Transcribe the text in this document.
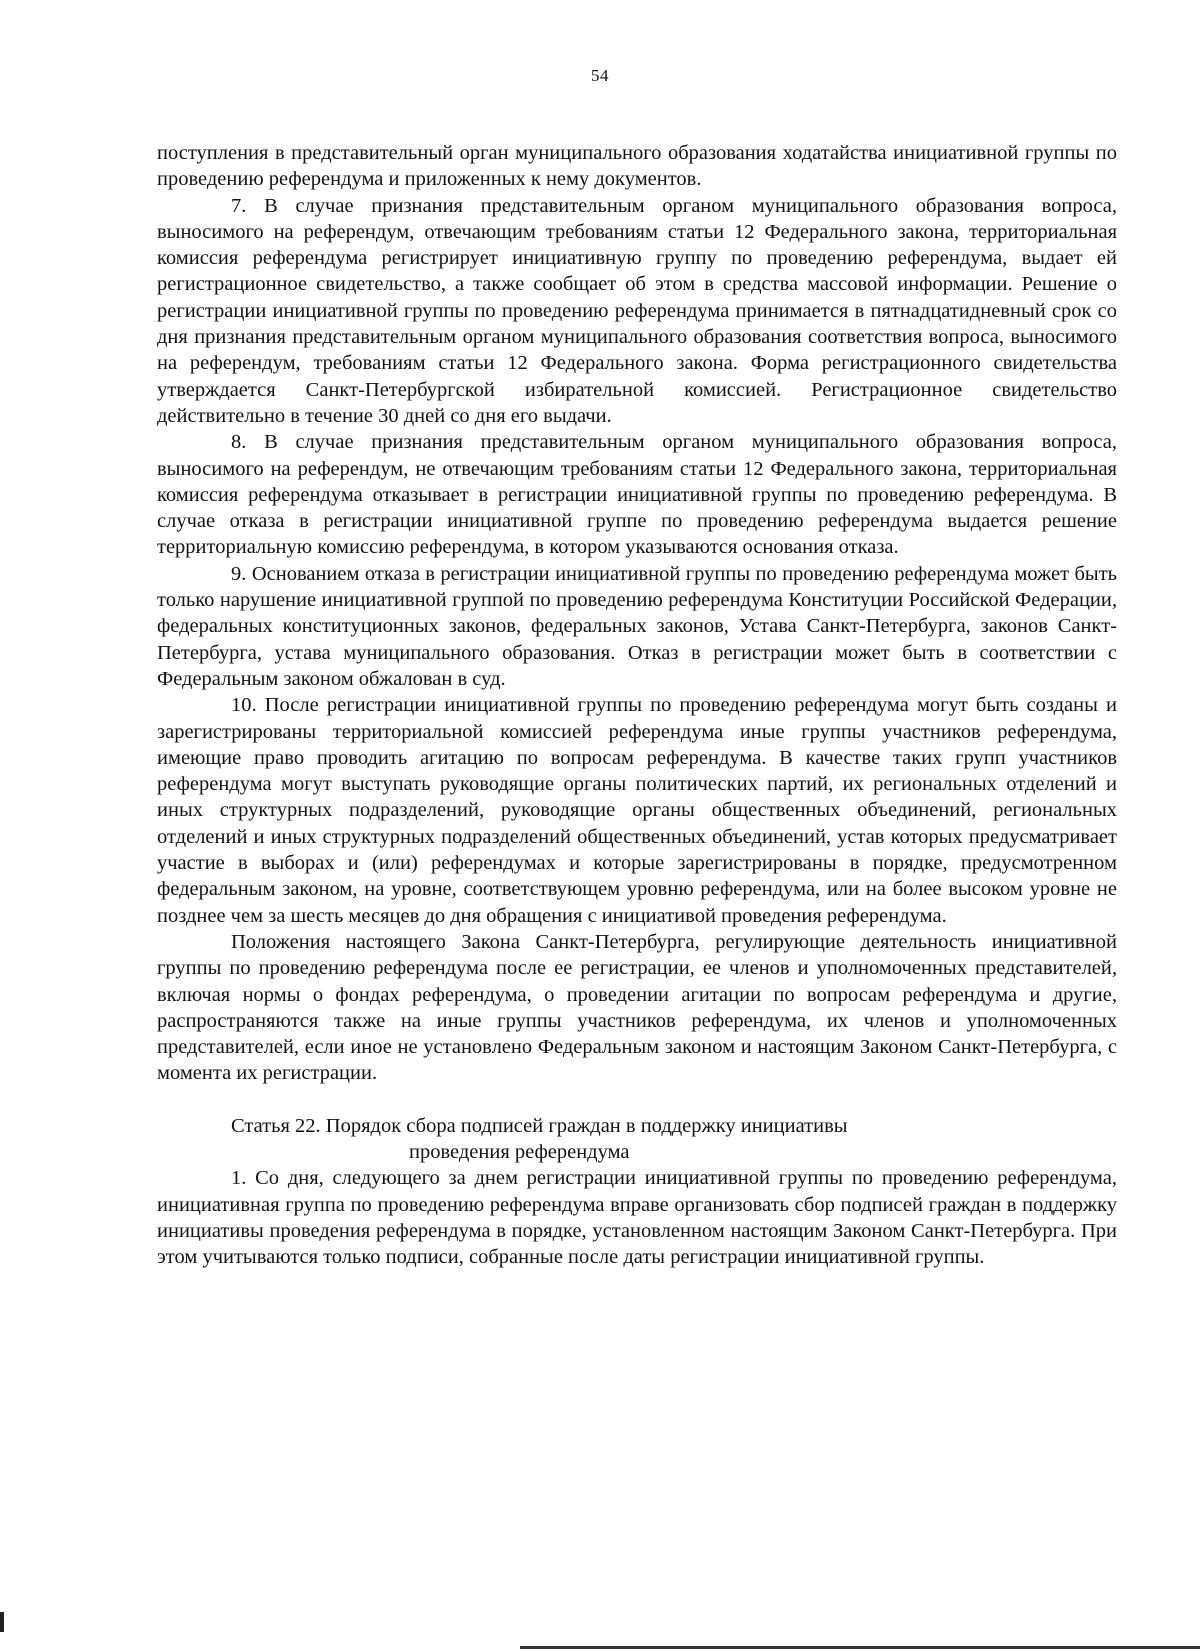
54

поступления в представительный орган муниципального образования ходатайства инициативной группы по проведению референдума и приложенных к нему документов.

7. В случае признания представительным органом муниципального образования вопроса, выносимого на референдум, отвечающим требованиям статьи 12 Федерального закона, территориальная комиссия референдума регистрирует инициативную группу по проведению референдума, выдает ей регистрационное свидетельство, а также сообщает об этом в средства массовой информации. Решение о регистрации инициативной группы по проведению референдума принимается в пятнадцатидневный срок со дня признания представительным органом муниципального образования соответствия вопроса, выносимого на референдум, требованиям статьи 12 Федерального закона. Форма регистрационного свидетельства утверждается Санкт-Петербургской избирательной комиссией. Регистрационное свидетельство действительно в течение 30 дней со дня его выдачи.

8. В случае признания представительным органом муниципального образования вопроса, выносимого на референдум, не отвечающим требованиям статьи 12 Федерального закона, территориальная комиссия референдума отказывает в регистрации инициативной группы по проведению референдума. В случае отказа в регистрации инициативной группе по проведению референдума выдается решение территориальную комиссию референдума, в котором указываются основания отказа.

9. Основанием отказа в регистрации инициативной группы по проведению референдума может быть только нарушение инициативной группой по проведению референдума Конституции Российской Федерации, федеральных конституционных законов, федеральных законов, Устава Санкт-Петербурга, законов Санкт-Петербурга, устава муниципального образования. Отказ в регистрации может быть в соответствии с Федеральным законом обжалован в суд.

10. После регистрации инициативной группы по проведению референдума могут быть созданы и зарегистрированы территориальной комиссией референдума иные группы участников референдума, имеющие право проводить агитацию по вопросам референдума. В качестве таких групп участников референдума могут выступать руководящие органы политических партий, их региональных отделений и иных структурных подразделений, руководящие органы общественных объединений, региональных отделений и иных структурных подразделений общественных объединений, устав которых предусматривает участие в выборах и (или) референдумах и которые зарегистрированы в порядке, предусмотренном федеральным законом, на уровне, соответствующем уровню референдума, или на более высоком уровне не позднее чем за шесть месяцев до дня обращения с инициативой проведения референдума.

Положения настоящего Закона Санкт-Петербурга, регулирующие деятельность инициативной группы по проведению референдума после ее регистрации, ее членов и уполномоченных представителей, включая нормы о фондах референдума, о проведении агитации по вопросам референдума и другие, распространяются также на иные группы участников референдума, их членов и уполномоченных представителей, если иное не установлено Федеральным законом и настоящим Законом Санкт-Петербурга, с момента их регистрации.

Статья 22. Порядок сбора подписей граждан в поддержку инициативы
проведения референдума

1. Со дня, следующего за днем регистрации инициативной группы по проведению референдума, инициативная группа по проведению референдума вправе организовать сбор подписей граждан в поддержку инициативы проведения референдума в порядке, установленном настоящим Законом Санкт-Петербурга. При этом учитываются только подписи, собранные после даты регистрации инициативной группы.
